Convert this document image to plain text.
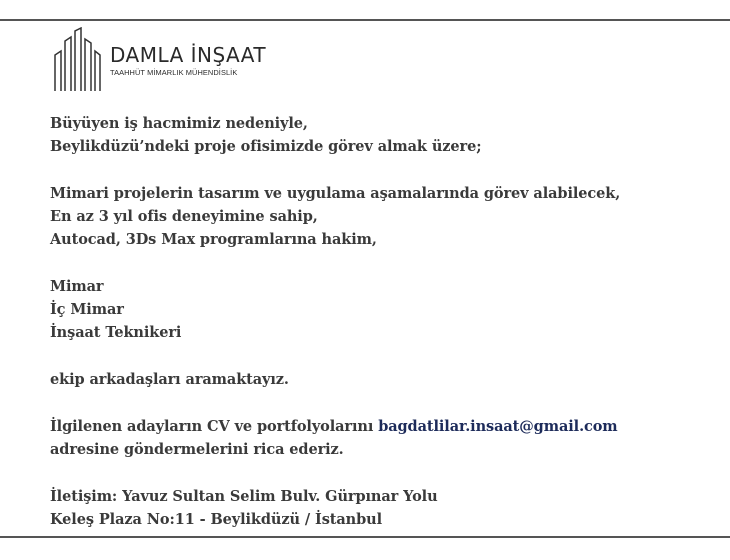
DAMLA İNŞAAT
TAAHHÜT MİMARLIK MÜHENDİSLİK
Büyüyen iş hacmimiz nedeniyle,
Beylikdüzü’ndeki proje ofisimizde görev almak üzere;
Mimari projelerin tasarım ve uygulama aşamalarında görev alabilecek,
En az 3 yıl ofis deneyimine sahip,
Autocad, 3Ds Max programlarına hakim,
Mimar
İç Mimar
İnşaat Teknikeri
ekip arkadaşları aramaktayız.
İlgilenen adayların CV ve portfolyolarını bagdatlilar.insaat@gmail.com
adresine göndermelerini rica ederiz.
İletişim: Yavuz Sultan Selim Bulv. Gürpınar Yolu
Keleş Plaza No:11 - Beylikdüzü / İstanbul
